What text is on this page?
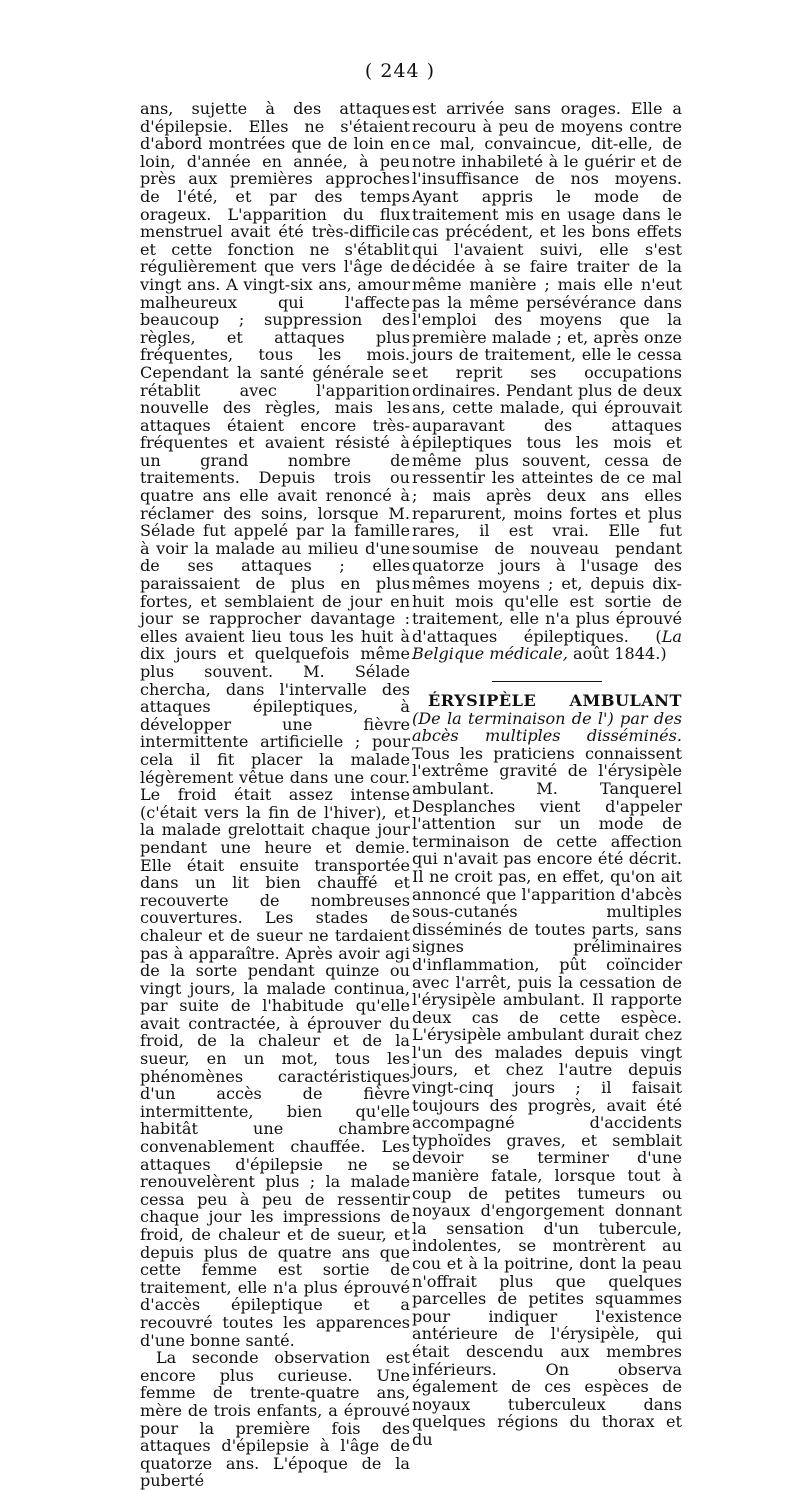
( 244 )

ans, sujette à des attaques d'épilepsie. Elles ne s'étaient d'abord montrées que de loin en loin, d'année en année, à peu près aux premières approches de l'été, et par des temps orageux. L'apparition du flux menstruel avait été très-difficile et cette fonction ne s'établit régulièrement que vers l'âge de vingt ans. A vingt-six ans, amour malheureux qui l'affecte beaucoup ; suppression des règles, et attaques plus fréquentes, tous les mois. Cependant la santé générale se rétablit avec l'apparition nouvelle des règles, mais les attaques étaient encore très-fréquentes et avaient résisté à un grand nombre de traitements. Depuis trois ou quatre ans elle avait renoncé à réclamer des soins, lorsque M. Sélade fut appelé par la famille à voir la malade au milieu d'une de ses attaques ; elles paraissaient de plus en plus fortes, et semblaient de jour en jour se rapprocher davantage : elles avaient lieu tous les huit à dix jours et quelquefois même plus souvent. M. Sélade chercha, dans l'intervalle des attaques épileptiques, à développer une fièvre intermittente artificielle ; pour cela il fit placer la malade légèrement vêtue dans une cour. Le froid était assez intense (c'était vers la fin de l'hiver), et la malade grelottait chaque jour pendant une heure et demie. Elle était ensuite transportée dans un lit bien chauffé et recouverte de nombreuses couvertures. Les stades de chaleur et de sueur ne tardaient pas à apparaître. Après avoir agi de la sorte pendant quinze ou vingt jours, la malade continua, par suite de l'habitude qu'elle avait contractée, à éprouver du froid, de la chaleur et de la sueur, en un mot, tous les phénomènes caractéristiques d'un accès de fièvre intermittente, bien qu'elle habitât une chambre convenablement chauffée. Les attaques d'épilepsie ne se renouvelèrent plus ; la malade cessa peu à peu de ressentir chaque jour les impressions de froid, de chaleur et de sueur, et depuis plus de quatre ans que cette femme est sortie de traitement, elle n'a plus éprouvé d'accès épileptique et a recouvré toutes les apparences d'une bonne santé.

La seconde observation est encore plus curieuse. Une femme de trente-quatre ans, mère de trois enfants, a éprouvé pour la première fois des attaques d'épilepsie à l'âge de quatorze ans. L'époque de la puberté

est arrivée sans orages. Elle a recouru à peu de moyens contre ce mal, convaincue, dit-elle, de notre inhabileté à le guérir et de l'insuffisance de nos moyens. Ayant appris le mode de traitement mis en usage dans le cas précédent, et les bons effets qui l'avaient suivi, elle s'est décidée à se faire traiter de la même manière ; mais elle n'eut pas la même persévérance dans l'emploi des moyens que la première malade ; et, après onze jours de traitement, elle le cessa et reprit ses occupations ordinaires. Pendant plus de deux ans, cette malade, qui éprouvait auparavant des attaques épileptiques tous les mois et même plus souvent, cessa de ressentir les atteintes de ce mal ; mais après deux ans elles reparurent, moins fortes et plus rares, il est vrai. Elle fut soumise de nouveau pendant quatorze jours à l'usage des mêmes moyens ; et, depuis dix-huit mois qu'elle est sortie de traitement, elle n'a plus éprouvé d'attaques épileptiques. (La Belgique médicale, août 1844.)

ÉRYSIPÈLE AMBULANT (De la terminaison de l') par des abcès multiples disséminés. Tous les praticiens connaissent l'extrême gravité de l'érysipèle ambulant. M. Tanquerel Desplanches vient d'appeler l'attention sur un mode de terminaison de cette affection qui n'avait pas encore été décrit. Il ne croit pas, en effet, qu'on ait annoncé que l'apparition d'abcès sous-cutanés multiples disséminés de toutes parts, sans signes préliminaires d'inflammation, pût coïncider avec l'arrêt, puis la cessation de l'érysipèle ambulant. Il rapporte deux cas de cette espèce. L'érysipèle ambulant durait chez l'un des malades depuis vingt jours, et chez l'autre depuis vingt-cinq jours ; il faisait toujours des progrès, avait été accompagné d'accidents typhoïdes graves, et semblait devoir se terminer d'une manière fatale, lorsque tout à coup de petites tumeurs ou noyaux d'engorgement donnant la sensation d'un tubercule, indolentes, se montrèrent au cou et à la poitrine, dont la peau n'offrait plus que quelques parcelles de petites squammes pour indiquer l'existence antérieure de l'érysipèle, qui était descendu aux membres inférieurs. On observa également de ces espèces de noyaux tuberculeux dans quelques régions du thorax et du
